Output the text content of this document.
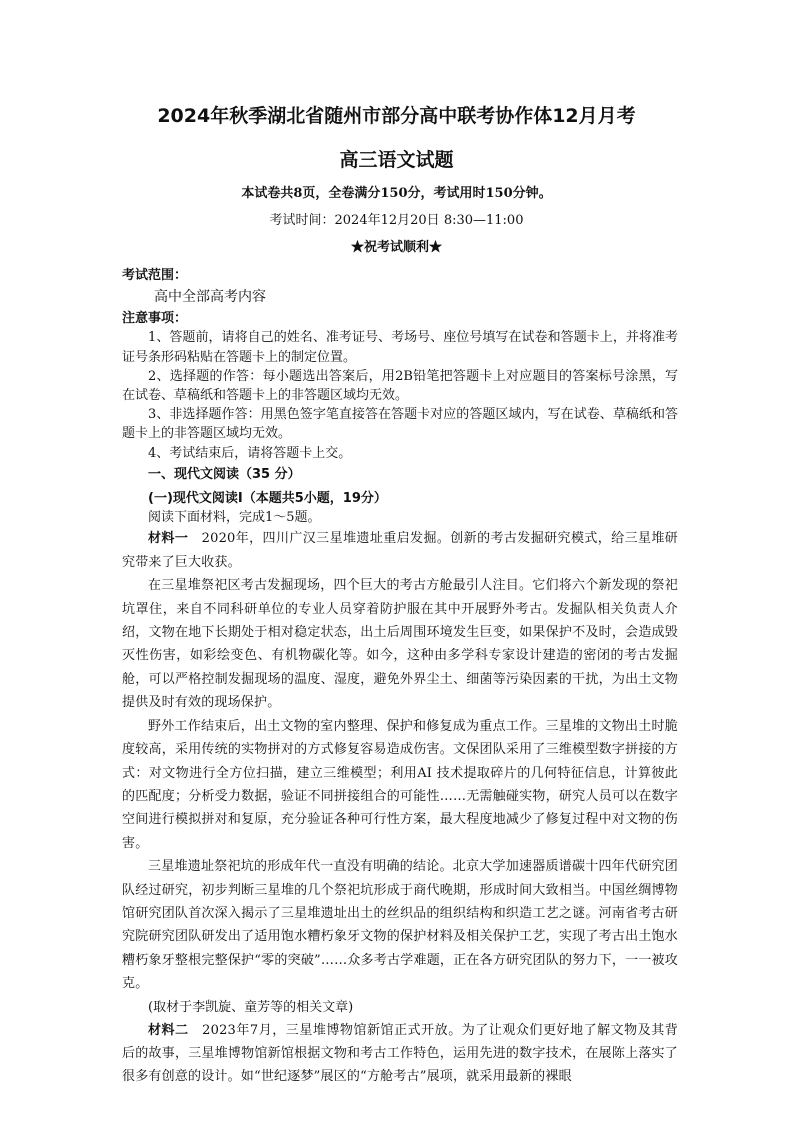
2024年秋季湖北省随州市部分高中联考协作体12月月考
高三语文试题
本试卷共8页，全卷满分150分，考试用时150分钟。
考试时间：2024年12月20日 8:30—11:00
★祝考试顺利★

考试范围：

高中全部高考内容

注意事项：

1、答题前，请将自己的姓名、准考证号、考场号、座位号填写在试卷和答题卡上，并将准考证号条形码粘贴在答题卡上的制定位置。

2、选择题的作答：每小题选出答案后，用2B铅笔把答题卡上对应题目的答案标号涂黑，写在试卷、草稿纸和答题卡上的非答题区域均无效。

3、非选择题作答：用黑色签字笔直接答在答题卡对应的答题区域内，写在试卷、草稿纸和答题卡上的非答题区域均无效。

4、考试结束后，请将答题卡上交。

一、现代文阅读（35 分）

(一)现代文阅读Ⅰ（本题共5小题，19分）

阅读下面材料，完成1～5题。

材料一　2020年，四川广汉三星堆遗址重启发掘。创新的考古发掘研究模式，给三星堆研究带来了巨大收获。

在三星堆祭祀区考古发掘现场，四个巨大的考古方舱最引人注目。它们将六个新发现的祭祀坑罩住，来自不同科研单位的专业人员穿着防护服在其中开展野外考古。发掘队相关负责人介绍，文物在地下长期处于相对稳定状态，出土后周围环境发生巨变，如果保护不及时，会造成毁灭性伤害，如彩绘变色、有机物碳化等。如今，这种由多学科专家设计建造的密闭的考古发掘舱，可以严格控制发掘现场的温度、湿度，避免外界尘土、细菌等污染因素的干扰，为出土文物提供及时有效的现场保护。

野外工作结束后，出土文物的室内整理、保护和修复成为重点工作。三星堆的文物出土时脆度较高，采用传统的实物拼对的方式修复容易造成伤害。文保团队采用了三维模型数字拼接的方式：对文物进行全方位扫描，建立三维模型；利用AI 技术提取碎片的几何特征信息，计算彼此的匹配度；分析受力数据，验证不同拼接组合的可能性……无需触碰实物，研究人员可以在数字空间进行模拟拼对和复原，充分验证各种可行性方案，最大程度地减少了修复过程中对文物的伤害。

三星堆遗址祭祀坑的形成年代一直没有明确的结论。北京大学加速器质谱碳十四年代研究团队经过研究，初步判断三星堆的几个祭祀坑形成于商代晚期，形成时间大致相当。中国丝绸博物馆研究团队首次深入揭示了三星堆遗址出土的丝织品的组织结构和织造工艺之谜。河南省考古研究院研究团队研发出了适用饱水糟朽象牙文物的保护材料及相关保护工艺，实现了考古出土饱水糟朽象牙整根完整保护“零的突破”……众多考古学难题，正在各方研究团队的努力下，一一被攻克。

(取材于李凯旋、童芳等的相关文章)

材料二　2023年7月，三星堆博物馆新馆正式开放。为了让观众们更好地了解文物及其背后的故事，三星堆博物馆新馆根据文物和考古工作特色，运用先进的数字技术，在展陈上落实了很多有创意的设计。如“世纪逐梦”展区的“方舱考古”展项，就采用最新的裸眼
